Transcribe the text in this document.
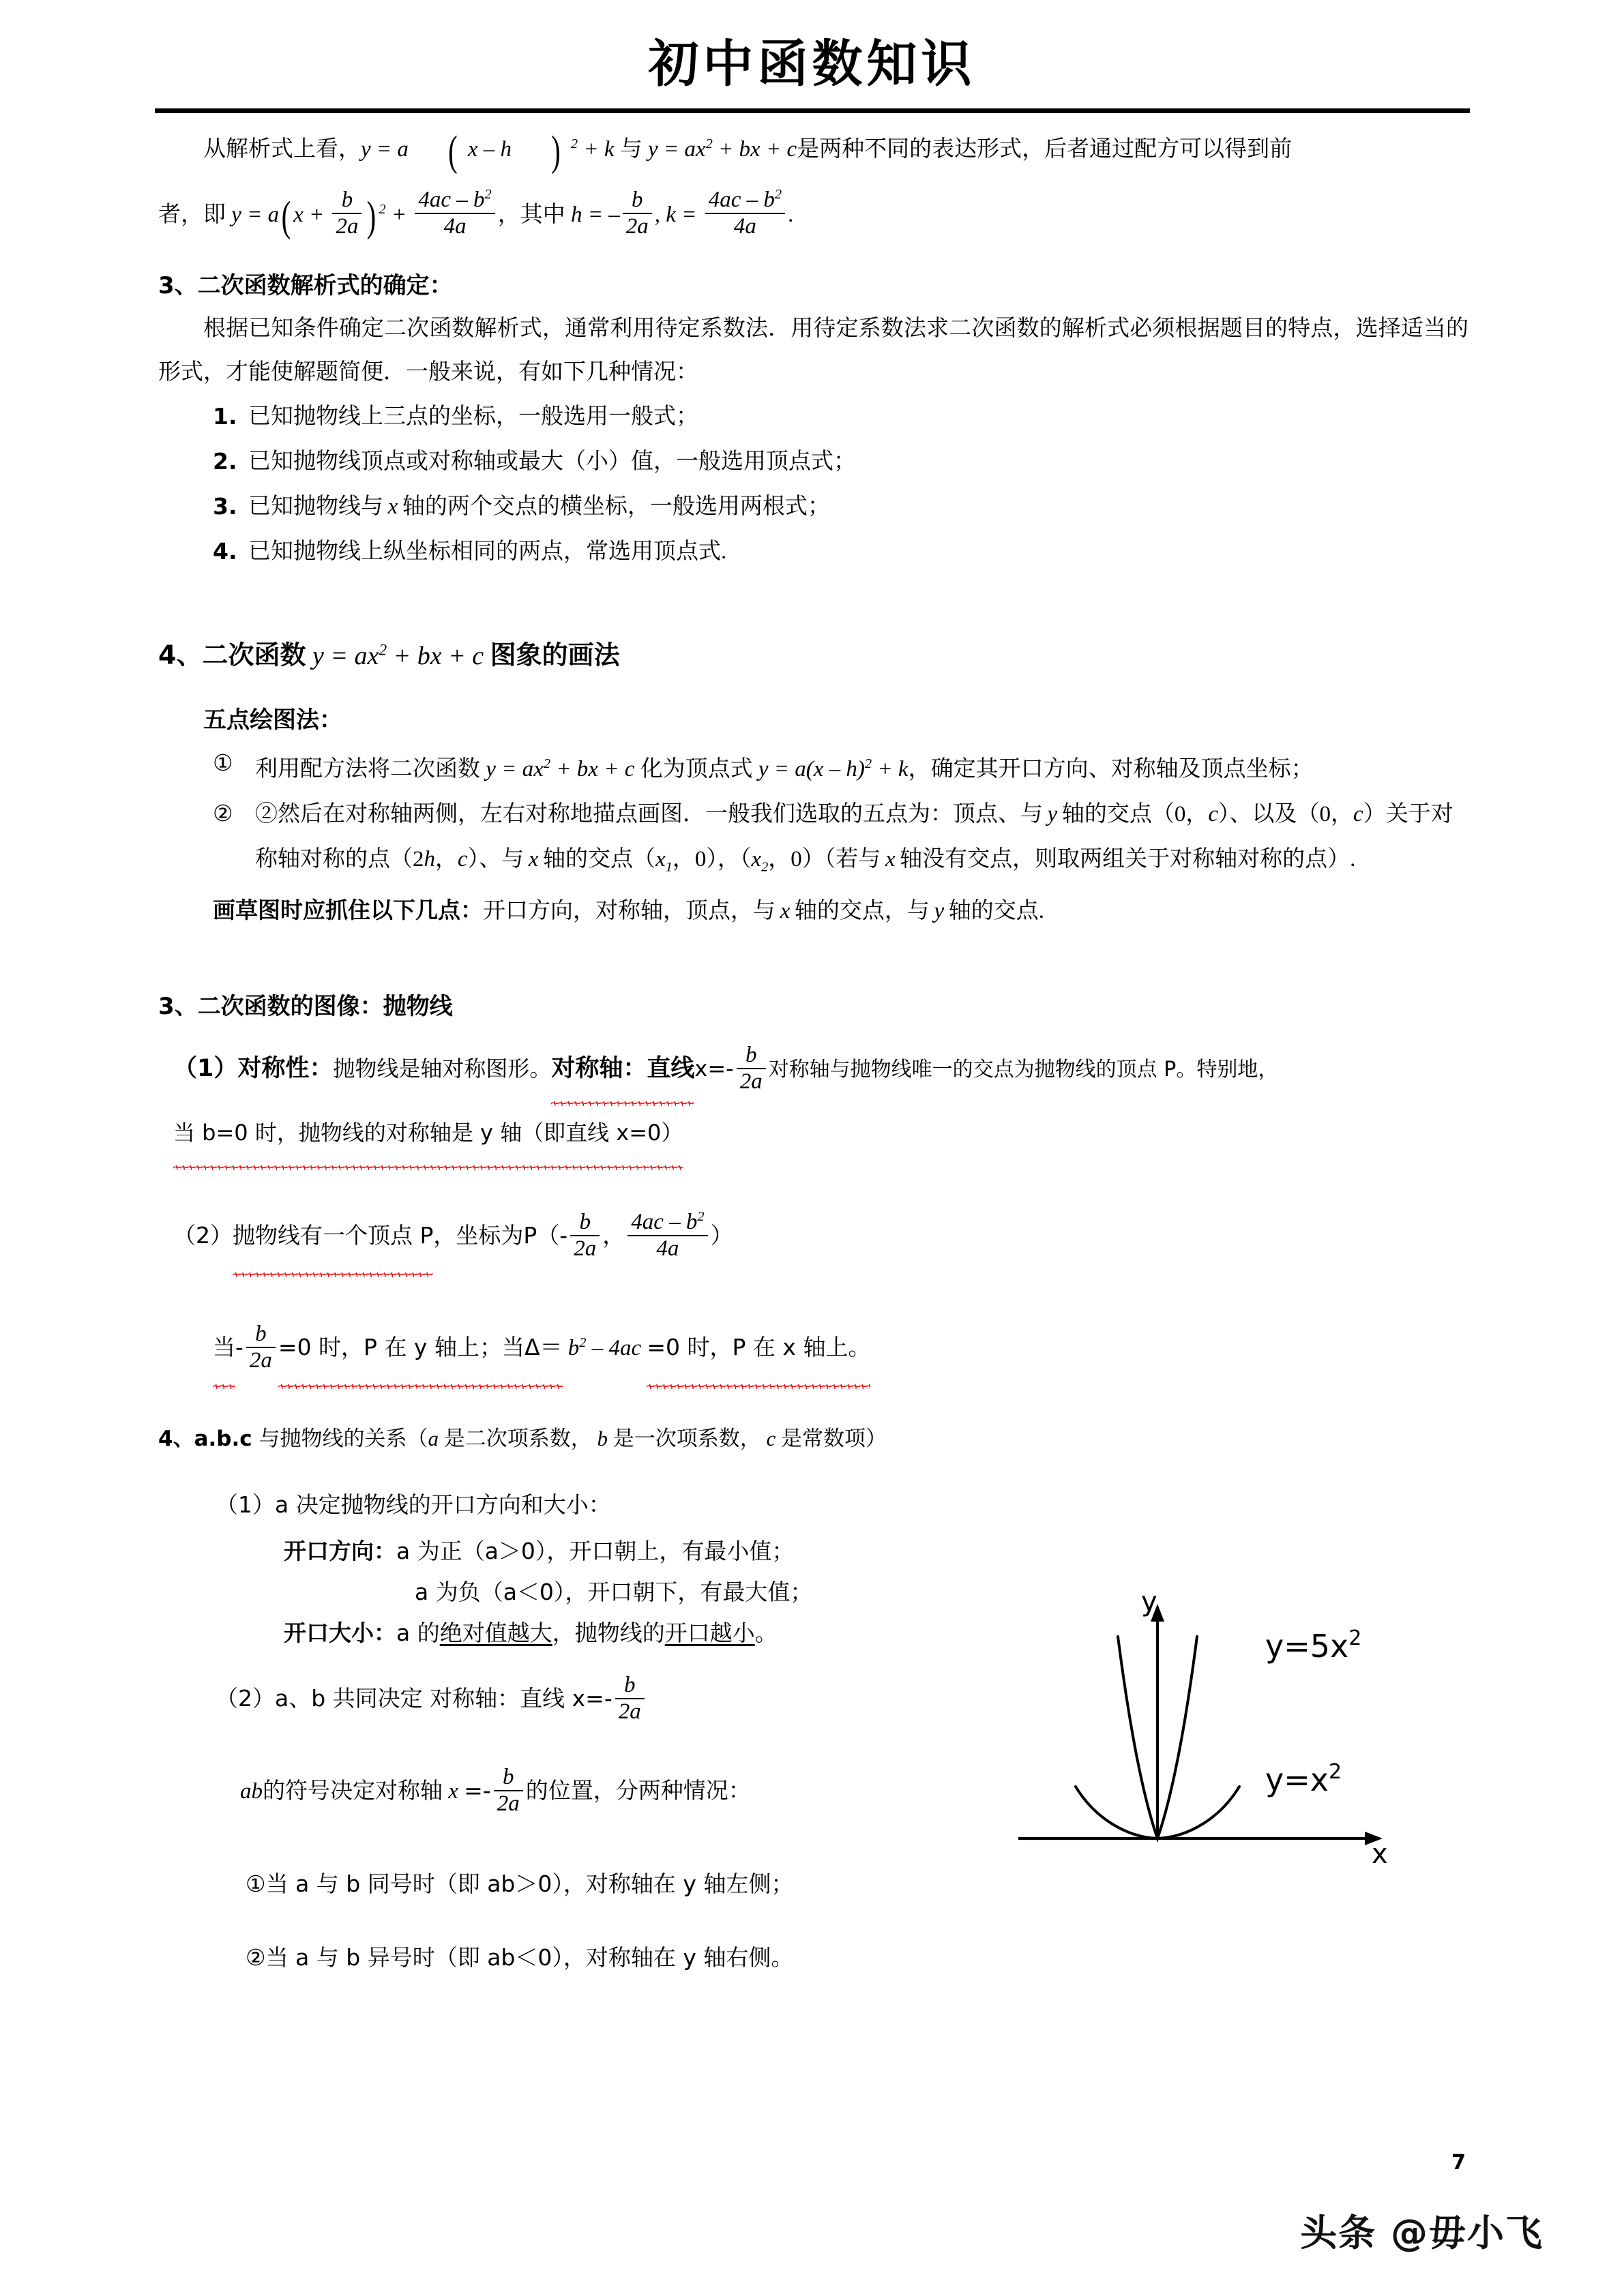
初中函数知识

从解析式上看，y = a ( x – h ) $^2$ + k 与 $y = ax^2$ + bx + c是两种不同的表达形式，后者通过配方可以得到前

者，即 y = a( $x + \frac{b}{2a}$ ) $^2 + \frac{4ac - b^2}{4a}$ ，其中 h = – $\frac{b}{2a}$ , $k = \frac{4ac - b^2}{4a}$ .

3、二次函数解析式的确定：

根据已知条件确定二次函数解析式，通常利用待定系数法．用待定系数法求二次函数的解析式必须根据题目的特点，选择适当的形式，才能使解题简便．一般来说，有如下几种情况：

1. 已知抛物线上三点的坐标，一般选用一般式；
2. 已知抛物线顶点或对称轴或最大（小）值，一般选用顶点式；
3. 已知抛物线与 x 轴的两个交点的横坐标，一般选用两根式；
4. 已知抛物线上纵坐标相同的两点，常选用顶点式.

4、二次函数 $y = ax^2$ + bx + c 图象的画法

五点绘图法：

① 利用配方法将二次函数 $y = ax^2$ + bx + c 化为顶点式 y = a(x – h)$^2$ + k，确定其开口方向、对称轴及顶点坐标；
② ②然后在对称轴两侧，左右对称地描点画图．一般我们选取的五点为：顶点、与 y 轴的交点（0，c）、以及（0，c）关于对称轴对称的点（2h，c）、与 x 轴的交点（$x_1$，0），（$x_2$，0）（若与 x 轴没有交点，则取两组关于对称轴对称的点）.

画草图时应抓住以下几点：开口方向，对称轴，顶点，与 x 轴的交点，与 y 轴的交点.

3、二次函数的图像：抛物线

（1）对称性：抛物线是轴对称图形。对称轴：直线$x=- \frac{b}{2a}$ 对称轴与抛物线唯一的交点为抛物线的顶点 P。特别地，当 b=0 时，抛物线的对称轴是 y 轴（即直线 x=0）

（2）抛物线有一个顶点 P，坐标为$P(- \frac{b}{2a}$ ， $\frac{4ac - b^2}{4a}$ ）

当- $\frac{b}{2a} =0$ 时，P 在 y 轴上；当$\Delta= b^2 - 4ac =0$ 时，P 在 x 轴上。

4、a.b.c 与抛物线的关系（a 是二次项系数， b 是一次项系数， c 是常数项）

（1）a 决定抛物线的开口方向和大小：

开口方向：a 为正（a＞0），开口朝上，有最小值；

a 为负（a＜0），开口朝下，有最大值；

开口大小：a 的绝对值越大，抛物线的开口越小。

（2）a、b 共同决定 对称轴：直线 $x=- \frac{b}{2a}$

ab的符号决定对称轴 $x =- \frac{b}{2a}$ 的位置，分两种情况：

①当 a 与 b 同号时（即 ab＞0），对称轴在 y 轴左侧；

②当 a 与 b 异号时（即 ab＜0），对称轴在 y 轴右侧。

y
x
$y=5x^2$
$y=x^2$
7
头条 @毋小飞
